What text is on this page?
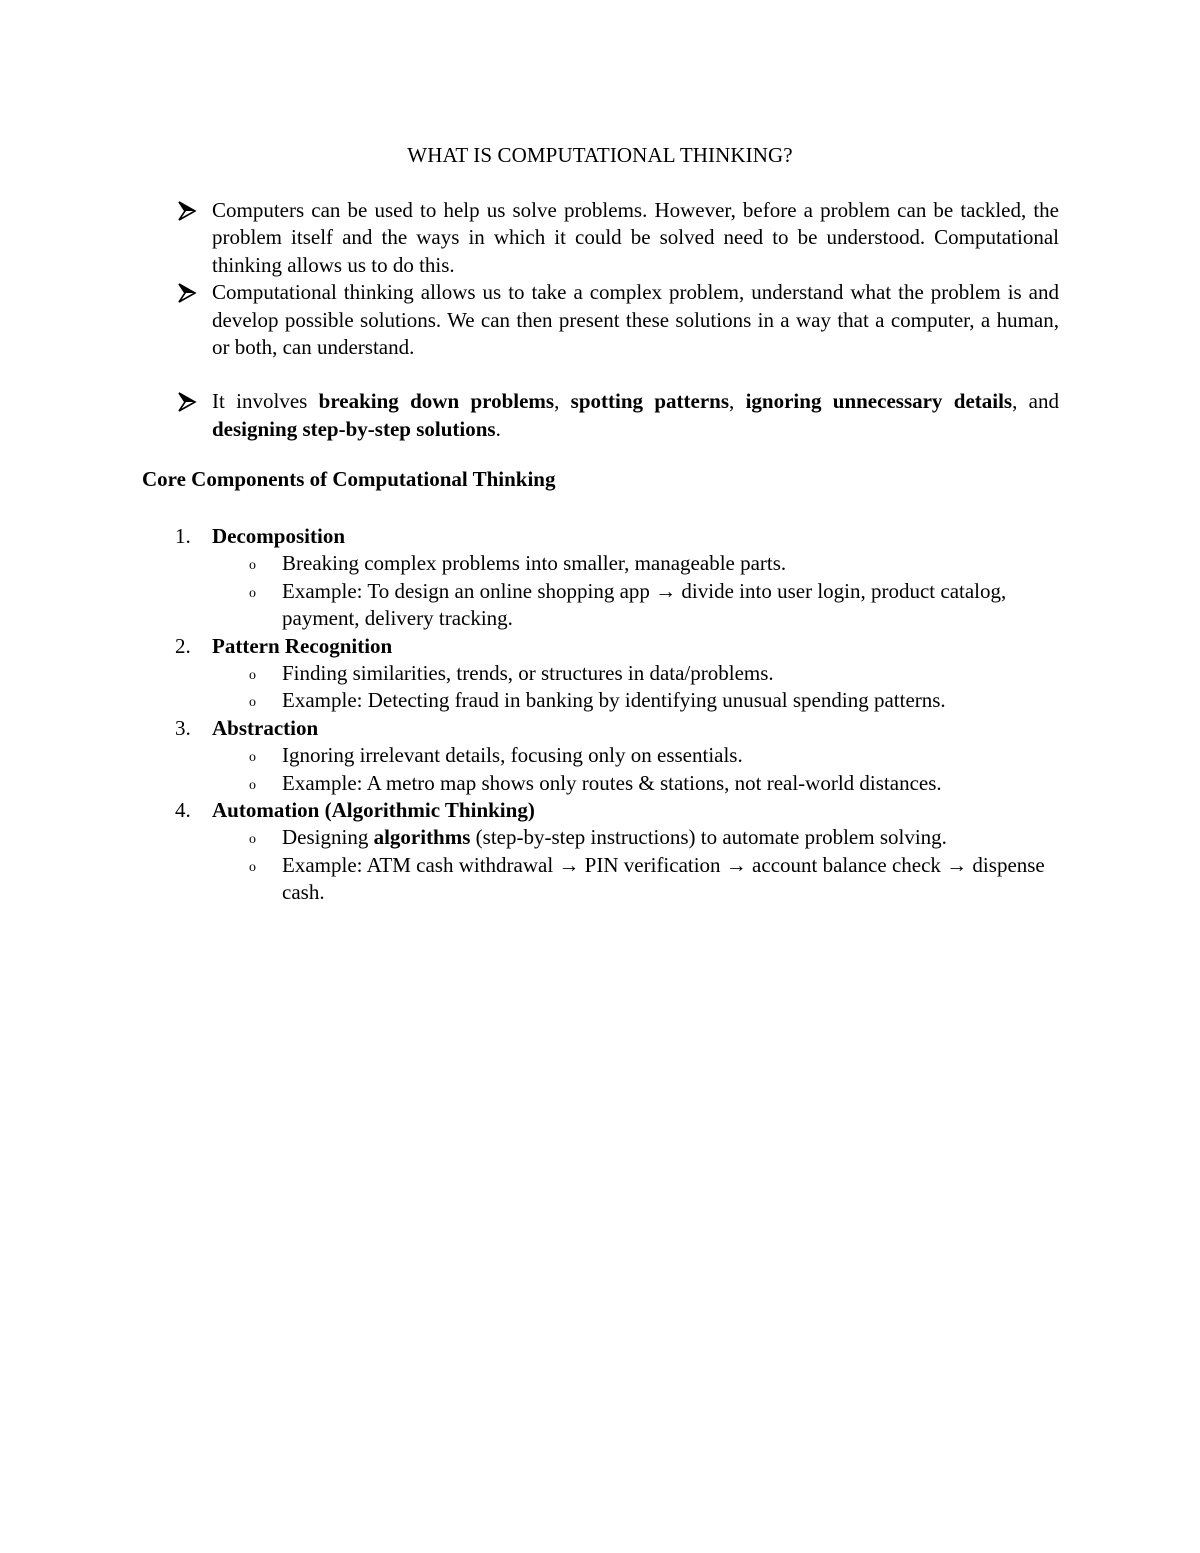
WHAT IS COMPUTATIONAL THINKING?
Computers can be used to help us solve problems. However, before a problem can be tackled, the problem itself and the ways in which it could be solved need to be understood. Computational thinking allows us to do this.
Computational thinking allows us to take a complex problem, understand what the problem is and develop possible solutions. We can then present these solutions in a way that a computer, a human, or both, can understand.
It involves breaking down problems, spotting patterns, ignoring unnecessary details, and designing step-by-step solutions.
Core Components of Computational Thinking
1. Decomposition
o Breaking complex problems into smaller, manageable parts.
o Example: To design an online shopping app → divide into user login, product catalog, payment, delivery tracking.
2. Pattern Recognition
o Finding similarities, trends, or structures in data/problems.
o Example: Detecting fraud in banking by identifying unusual spending patterns.
3. Abstraction
o Ignoring irrelevant details, focusing only on essentials.
o Example: A metro map shows only routes & stations, not real-world distances.
4. Automation (Algorithmic Thinking)
o Designing algorithms (step-by-step instructions) to automate problem solving.
o Example: ATM cash withdrawal → PIN verification → account balance check → dispense cash.
